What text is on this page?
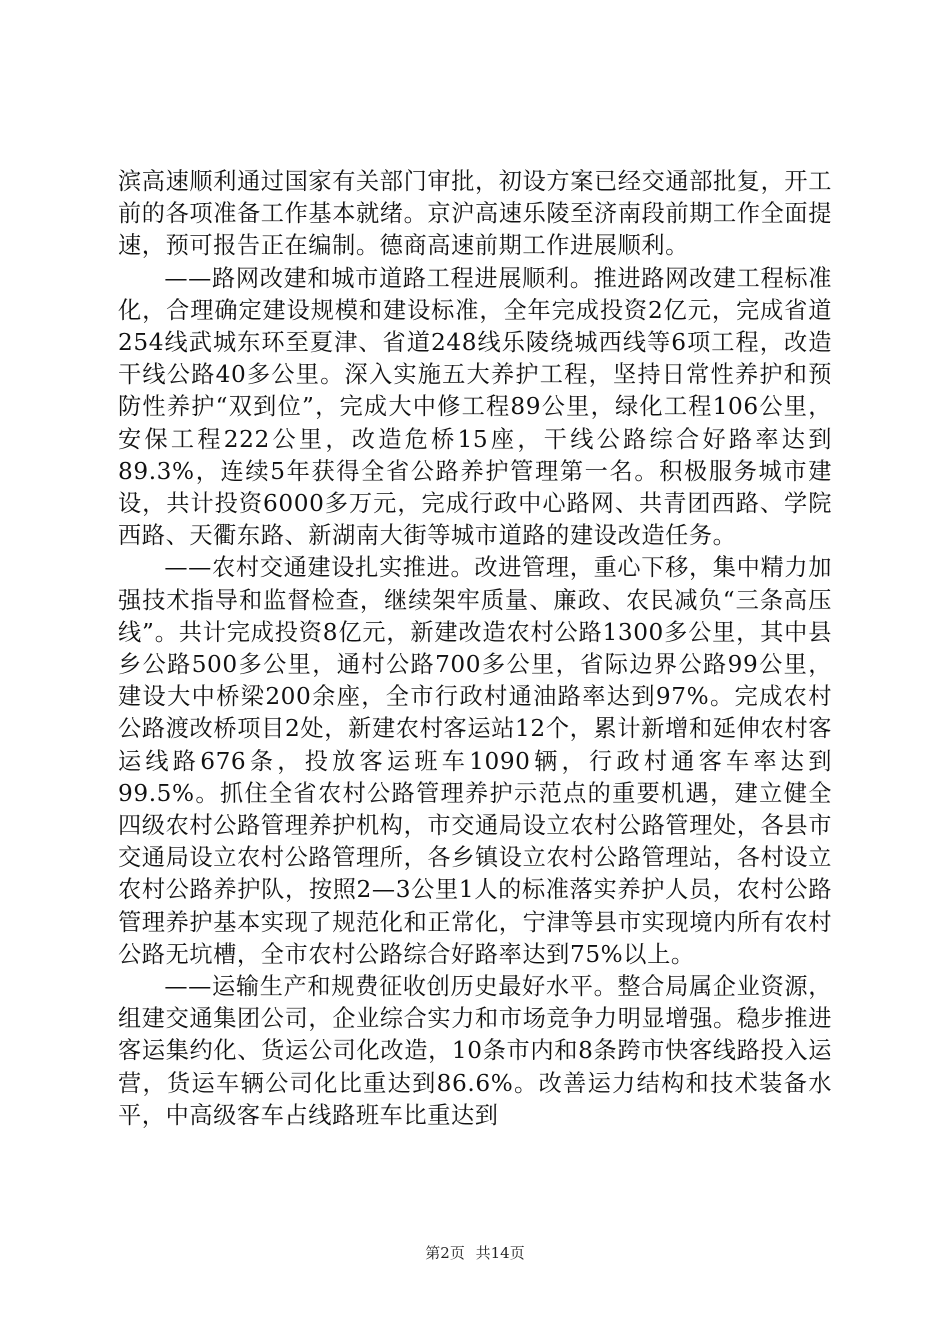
滨高速顺利通过国家有关部门审批，初设方案已经交通部批复，开工前的各项准备工作基本就绪。京沪高速乐陵至济南段前期工作全面提速，预可报告正在编制。德商高速前期工作进展顺利。

——路网改建和城市道路工程进展顺利。推进路网改建工程标准化，合理确定建设规模和建设标准，全年完成投资2亿元，完成省道254线武城东环至夏津、省道248线乐陵绕城西线等6项工程，改造干线公路40多公里。深入实施五大养护工程，坚持日常性养护和预防性养护“双到位”，完成大中修工程89公里，绿化工程106公里，安保工程222公里，改造危桥15座，干线公路综合好路率达到89.3%，连续5年获得全省公路养护管理第一名。积极服务城市建设，共计投资6000多万元，完成行政中心路网、共青团西路、学院西路、天衢东路、新湖南大街等城市道路的建设改造任务。

——农村交通建设扎实推进。改进管理，重心下移，集中精力加强技术指导和监督检查，继续架牢质量、廉政、农民减负“三条高压线”。共计完成投资8亿元，新建改造农村公路1300多公里，其中县乡公路500多公里，通村公路700多公里，省际边界公路99公里，建设大中桥梁200余座，全市行政村通油路率达到97%。完成农村公路渡改桥项目2处，新建农村客运站12个，累计新增和延伸农村客运线路676条，投放客运班车1090辆，行政村通客车率达到99.5%。抓住全省农村公路管理养护示范点的重要机遇，建立健全四级农村公路管理养护机构，市交通局设立农村公路管理处，各县市交通局设立农村公路管理所，各乡镇设立农村公路管理站，各村设立农村公路养护队，按照2—3公里1人的标准落实养护人员，农村公路管理养护基本实现了规范化和正常化，宁津等县市实现境内所有农村公路无坑槽，全市农村公路综合好路率达到75%以上。

——运输生产和规费征收创历史最好水平。整合局属企业资源，组建交通集团公司，企业综合实力和市场竞争力明显增强。稳步推进客运集约化、货运公司化改造，10条市内和8条跨市快客线路投入运营，货运车辆公司化比重达到86.6%。改善运力结构和技术装备水平，中高级客车占线路班车比重达到

第2页 共14页
